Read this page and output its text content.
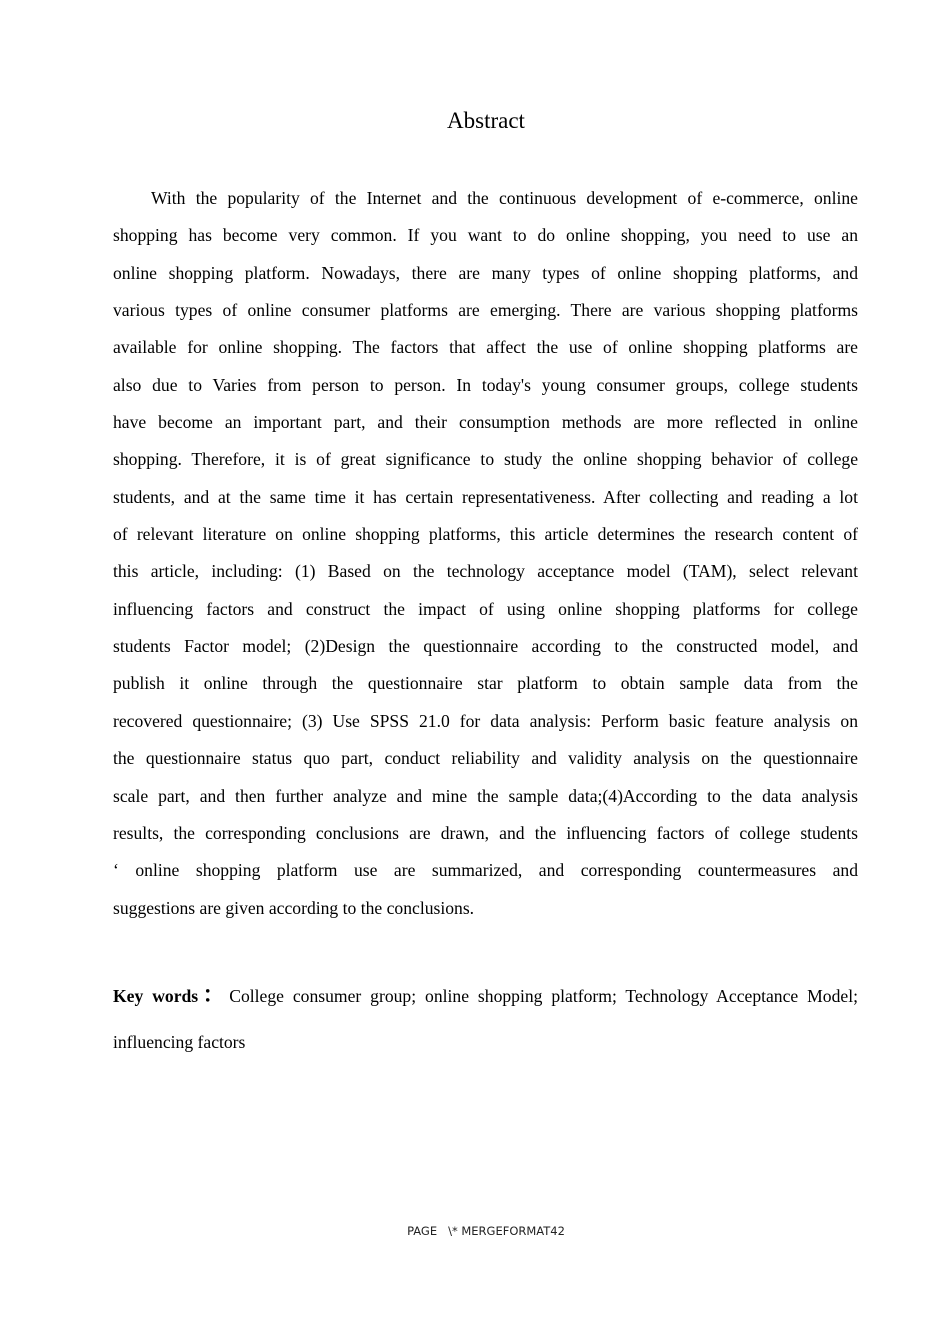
Abstract
With the popularity of the Internet and the continuous development of e-commerce, online
shopping has become very common. If you want to do online shopping, you need to use an
online shopping platform. Nowadays, there are many types of online shopping platforms, and
various types of online consumer platforms are emerging. There are various shopping platforms
available for online shopping. The factors that affect the use of online shopping platforms are
also due to Varies from person to person. In today's young consumer groups, college students
have become an important part, and their consumption methods are more reflected in online
shopping. Therefore, it is of great significance to study the online shopping behavior of college
students, and at the same time it has certain representativeness. After collecting and reading a lot
of relevant literature on online shopping platforms, this article determines the research content of
this article, including: (1) Based on the technology acceptance model (TAM), select relevant
influencing factors and construct the impact of using online shopping platforms for college
students Factor model; (2)Design the questionnaire according to the constructed model, and
publish it online through the questionnaire star platform to obtain sample data from the
recovered questionnaire; (3) Use SPSS 21.0 for data analysis: Perform basic feature analysis on
the questionnaire status quo part, conduct reliability and validity analysis on the questionnaire
scale part, and then further analyze and mine the sample data;(4)According to the data analysis
results, the corresponding conclusions are drawn, and the influencing factors of college students
‘ online shopping platform use are summarized, and corresponding countermeasures and
suggestions are given according to the conclusions.
Key words：College consumer group; online shopping platform; Technology Acceptance Model;
influencing factors
PAGE   \* MERGEFORMAT42
